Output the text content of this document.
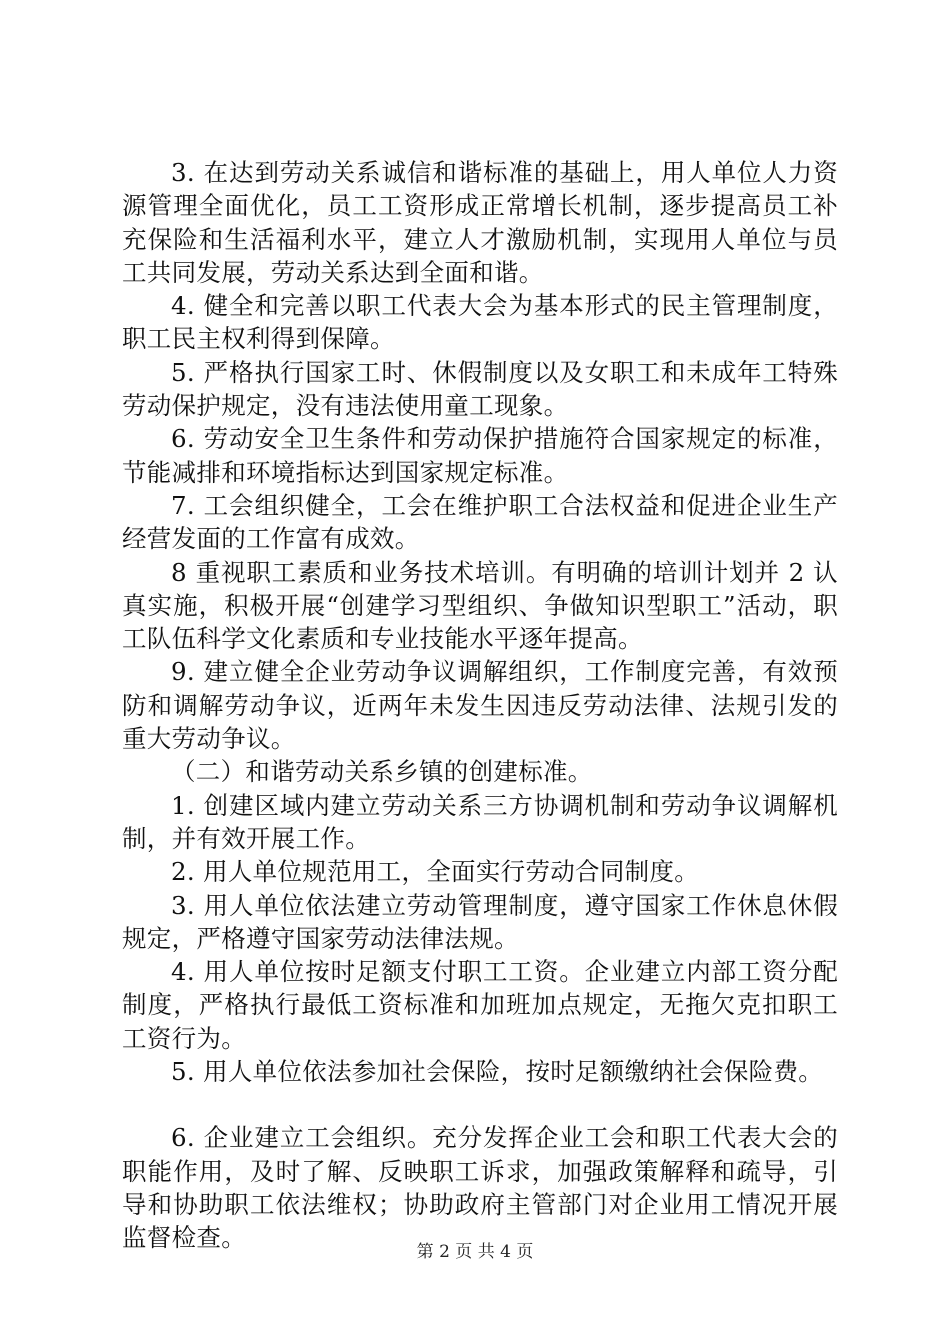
3. 在达到劳动关系诚信和谐标准的基础上，用人单位人力资源管理全面优化，员工工资形成正常增长机制，逐步提高员工补充保险和生活福利水平，建立人才激励机制，实现用人单位与员工共同发展，劳动关系达到全面和谐。

4. 健全和完善以职工代表大会为基本形式的民主管理制度，职工民主权利得到保障。

5. 严格执行国家工时、休假制度以及女职工和未成年工特殊劳动保护规定，没有违法使用童工现象。

6. 劳动安全卫生条件和劳动保护措施符合国家规定的标准，节能减排和环境指标达到国家规定标准。

7. 工会组织健全，工会在维护职工合法权益和促进企业生产经营发面的工作富有成效。

8 重视职工素质和业务技术培训。有明确的培训计划并 2 认真实施，积极开展“创建学习型组织、争做知识型职工”活动，职工队伍科学文化素质和专业技能水平逐年提高。

9. 建立健全企业劳动争议调解组织，工作制度完善，有效预防和调解劳动争议，近两年未发生因违反劳动法律、法规引发的重大劳动争议。

（二）和谐劳动关系乡镇的创建标准。

1. 创建区域内建立劳动关系三方协调机制和劳动争议调解机制，并有效开展工作。

2. 用人单位规范用工，全面实行劳动合同制度。

3. 用人单位依法建立劳动管理制度，遵守国家工作休息休假规定，严格遵守国家劳动法律法规。

4. 用人单位按时足额支付职工工资。企业建立内部工资分配制度，严格执行最低工资标准和加班加点规定，无拖欠克扣职工工资行为。

5. 用人单位依法参加社会保险，按时足额缴纳社会保险费。

6. 企业建立工会组织。充分发挥企业工会和职工代表大会的职能作用，及时了解、反映职工诉求，加强政策解释和疏导，引导和协助职工依法维权；协助政府主管部门对企业用工情况开展监督检查。	第 2 页 共 4 页
